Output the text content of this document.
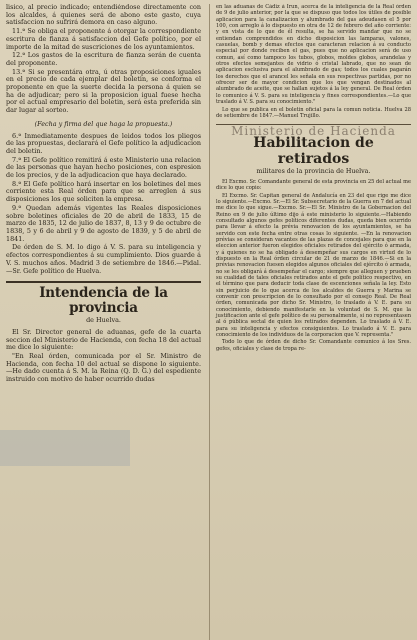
lisico, al precio indicado; entendiéndose directamente con los alcaldes, á quienes será de abono este gasto, cuya satisfaccion no sufrirá demora en caso alguno.

11.ª Se obliga el proponente á otorgar la correspondiente escritura de fianza á satisfaccion del Gefe político, por el importe de la mitad de suscriciones de los ayuntamientos.

12.ª Los gastos de la escritura de fianza serán de cuenta del proponente.

13.ª Si se presentára otra, ú otras proposiciones iguales en el precio de cada ejemplar del boletin, se conforma el proponente en que la suerte decida la persona á quien se ha de adjudicar; pero si la proposicion igual fuese hecha por el actual empresario del boletin, será esta preferida sin dar lugar al sorteo.

(Fecha y firma del que haga la propuesta.)

6.ª Inmediatamente despues de leidos todos los pliegos de las propuestas, declarará el Gefe político la adjudicacion del boletin.

7.ª El Gefe político remitirá á este Ministerio una relacion de las personas que hayan hecho posiciones, con espresion de los precios, y de la adjudicacion que haya declarado.

8.ª El Gefe político hará insertar en los boletines del mes corriente esta Real órden para que se arreglen á sus disposiciones los que soliciten la empresa.

9.ª Quedan además vigentes las Reales disposiciones sobre boletines oficiales de 20 de abril de 1833, 15 de marzo de 1835, 12 de julio de 1837, 8, 13 y 9 de octubre de 1838, 5 y 6 de abril y 9 de agosto de 1839, y 5 de abril de 1841.

De órden de S. M. lo digo á V. S. para su inteligencia y efectos correspondientes á su cumplimiento. Dios guarde á V. S. muchos años. Madrid 3 de setiembre de 1846.—Pidal.—Sr. Gefe político de Huelva.

Intendencia de la provincia
de Huelva.

El Sr. Director general de aduanas, gefe de la cuarta seccion del Ministerio de Hacienda, con fecha 18 del actual me dice lo siguiente:

"En Real órden, comunicada por el Sr. Ministro de Hacienda, con fecha 10 del actual se dispone lo siguiente. —He dado cuenta á S. M. la Reina (Q. D. G.) del espediente instruido con motivo de haber ocurrido dudas

en las aduanas de Cádiz á Irun, acerca de la inteligencia de la Real órden de 9 de julio anterior, por la que se dispuso que todos los útiles de posible aplicacion para la canalizacion y alumbrado del gas adeudasen el 5 por 100, con arreglo á lo dispuesto en otra de 12 de febrero del año corriente: y en vista de lo que de él resulta, se ha servido mandar que no se entiendan comprendidos en dicho disposicion las lamparas, valones, casuelas, bomb y demas efectos que caracteran relacion á su conducto especial por donde reciben el gas, pues que no aplicacion será de uso comun, así como tampoco los tubos, globos, moldes globos, arandelas y otros efectos semejantes de vidrio ó cristal labrado, que no sean de aplicacion esclusiva para el alumbrado de gas; todos los cuales pagarán los derechos que el arancel les señala en sus respectivas partidas, por no ofrecer ser de mayor condicion que los que vengan destinados al alumbrado de aceite, que se hallan sujetos á la ley general. De Real órden lo comunico á V. S. para su inteligencia y fines correspondientes.—Lo que traslado á V. S. para su conocimiento."

Lo que se publica en el boletin oficial para la comun noticia. Huelva 28 de setiembre de 1847.—Manuel Trujillo.

Ministerio de Hacienda
Habilitacion de retirados
militares de la provincia de Huelva.

El Excmo. Sr. Comandante general de esta provincia en 25 del actual me dice lo que copio:

El Excmo. Sr. Capitan general de Andalucía en 23 del que rige me dice lo siguiente.—Excmo. Sr.—El Sr. Subsecretario de la Guerra en 7 del actual me dice lo que sigue.—Excmo. Sr.—El Sr. Ministro de la Gobernacion del Reino en 9 de julio último dijo á este ministerio lo siguiente.—Habiendo consultado algunos gefes políticos diferentes dudas, queda bien ocurrido para llevar á efecto la prévia renovacion de los ayuntamientos, se ha servido con este fecha entre otras cosas lo siguiente. —En la renovacion prévias se consideran vacantes de las plazas de concejales para que en la eleccion anterior fueron elegidos oficiales retirados del ejército ó armada, y á quienes no se ha obligado á desempeñar sus cargos en virtud de lo dispuesto en la Real órden circular de 21 de marzo de 1846.—Si en la prévias renovacion fuesen elegidos algunos oficiales del ejército ó armada, no se les obligará á desempeñar el cargo; siempre que alleguen y prueben su cualidad de tales oficiales retirados ante el gefe político respectivo, en el término que para deducir toda clase de escenciones señala la ley. Esto sin perjuicio de lo que acerca de los alcaldes de Guerra y Marina se convenir con prescripcion de lo consultado por el consejo Real. De Real órden, comunicada por dicho Sr. Ministro, lo traslado á V. E. para su conocimiento, debiendo manifestarle en la voluntad de S. M. que la justificacion ante el gefe político de su personalmente, si no representasen al ó pública sectal de quien los retirados dependen. Lo traslado á V. E. para su inteligencia y efectos consiguientes. Lo traslado á V. E. para conocimiento de los individuos de la corporacion que V. representa."

Todo lo que de órden de dicho Sr. Comandante comunico á los Sres. gefes, oficiales y clase de tropa re-
